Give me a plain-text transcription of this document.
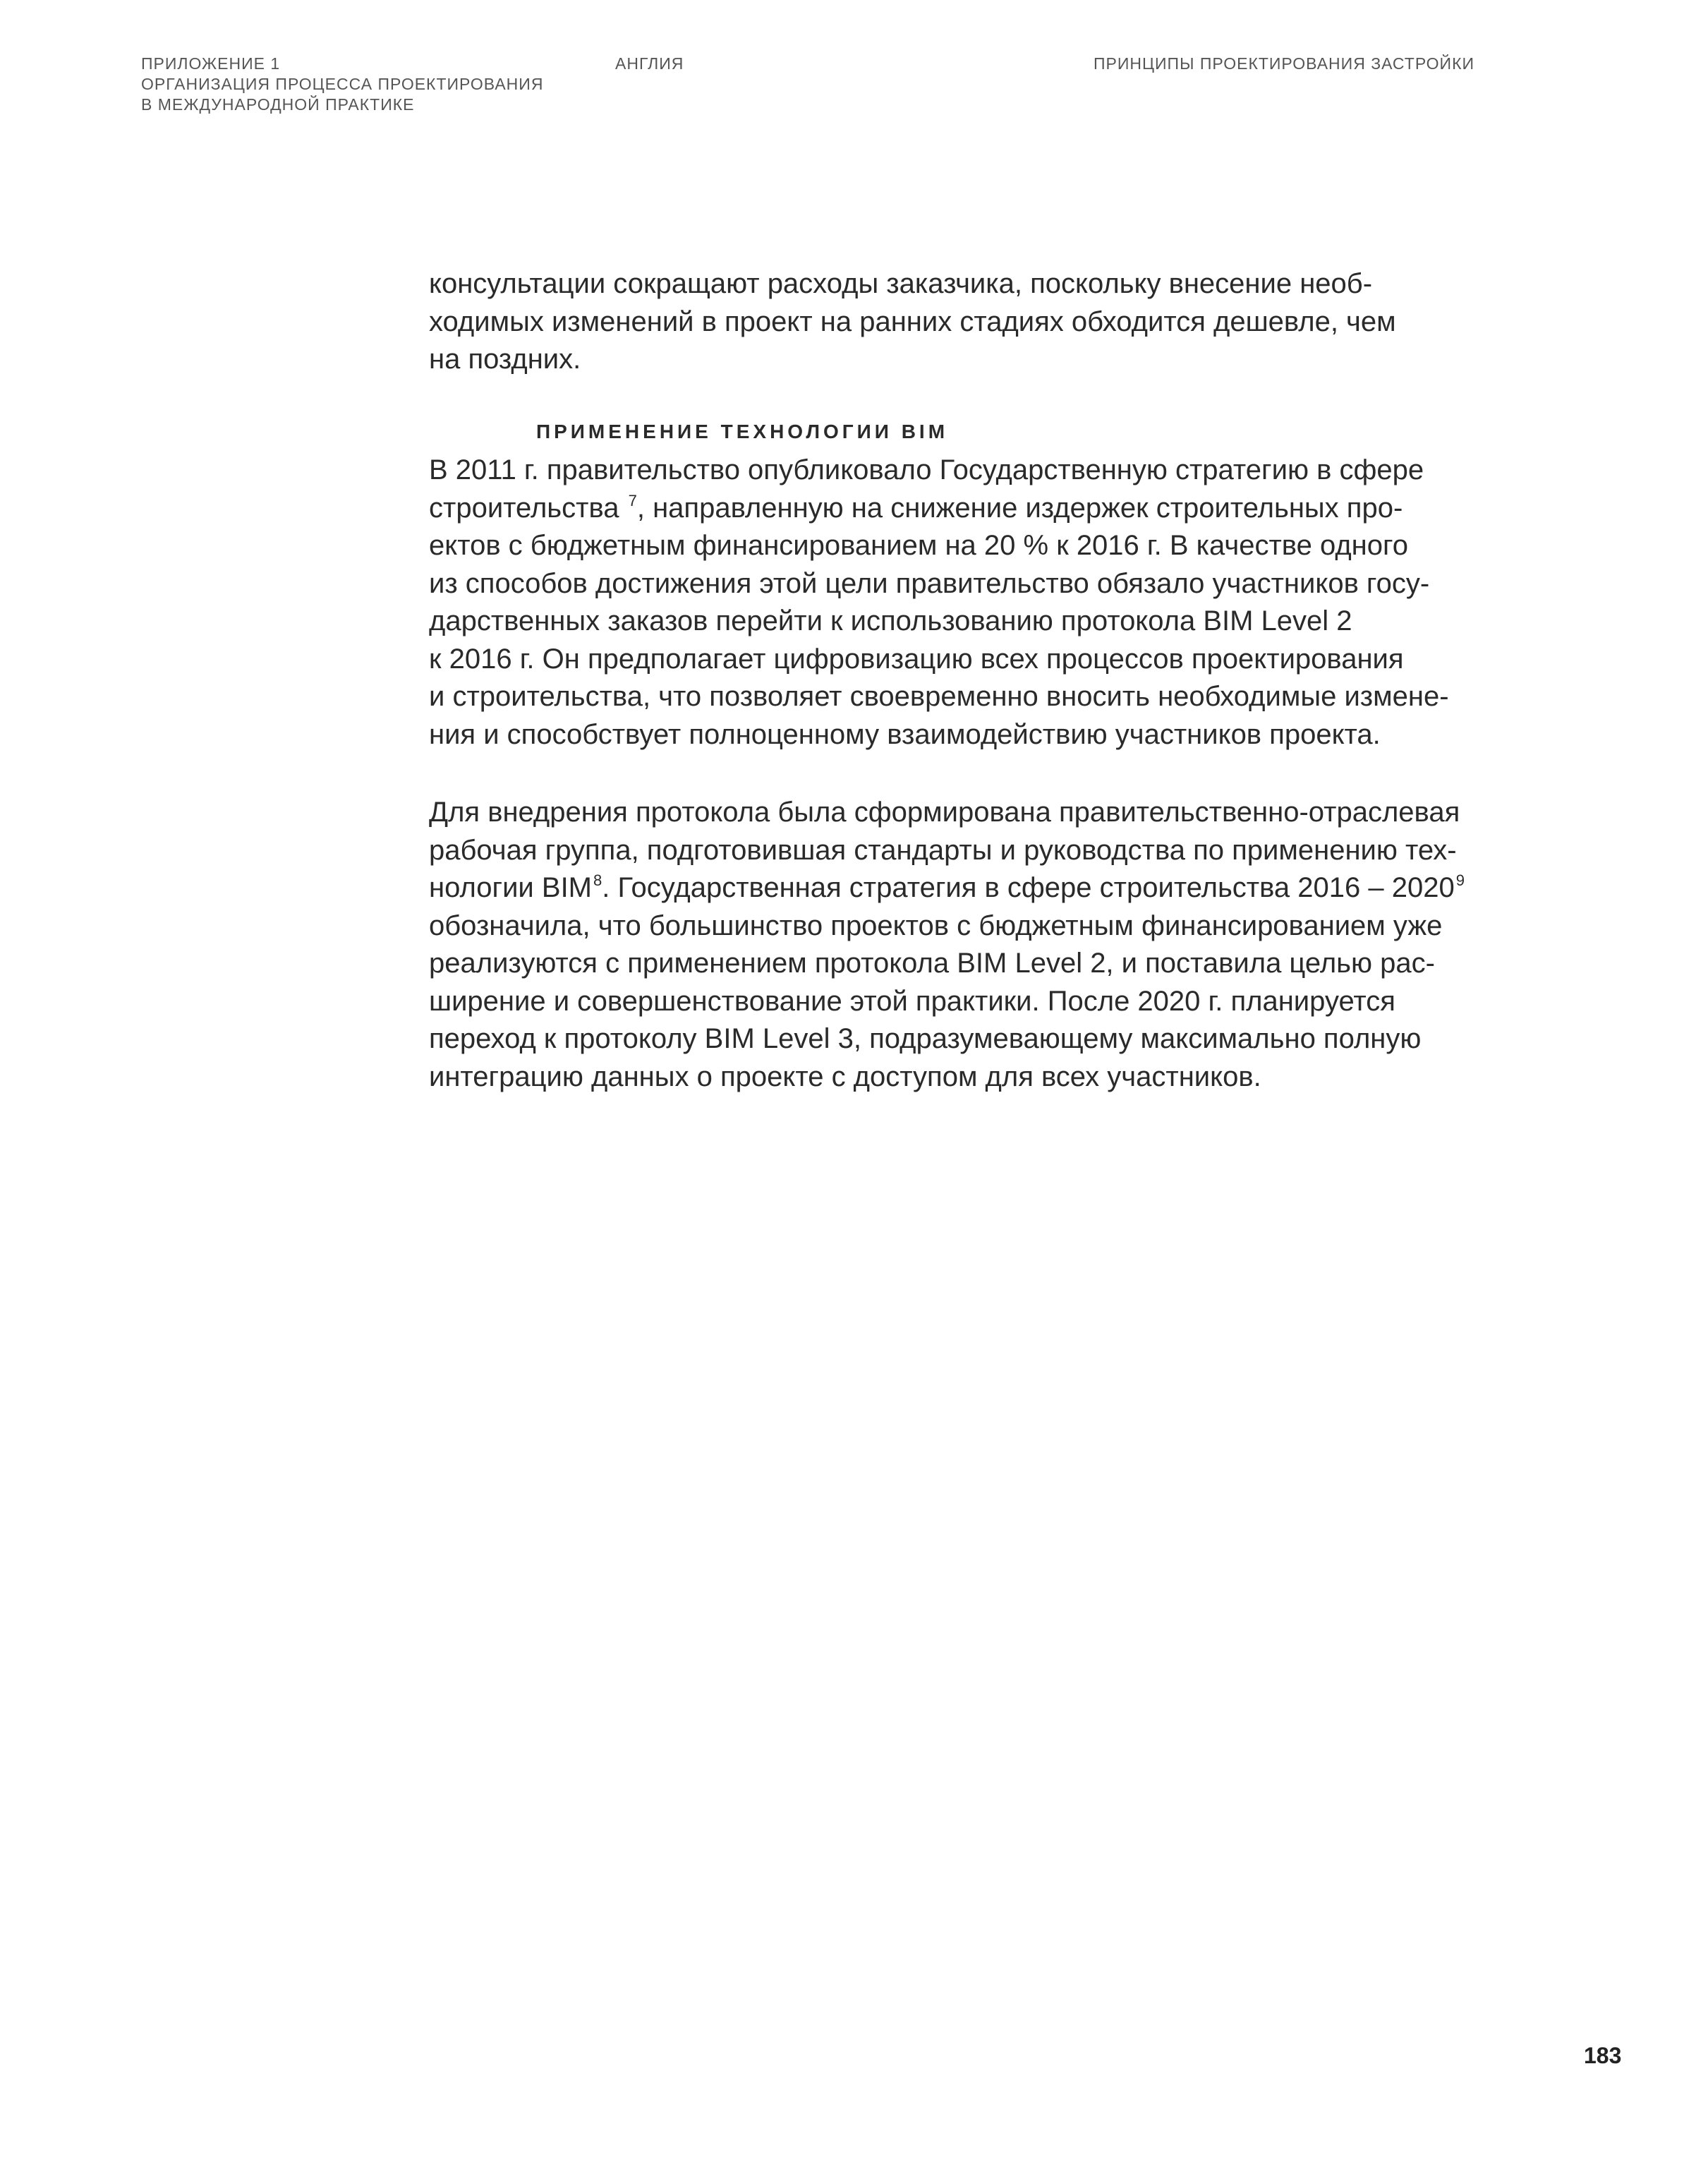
ПРИЛОЖЕНИЕ 1
ОРГАНИЗАЦИЯ ПРОЦЕССА ПРОЕКТИРОВАНИЯ
В МЕЖДУНАРОДНОЙ ПРАКТИКЕ
АНГЛИЯ	ПРИНЦИПЫ ПРОЕКТИРОВАНИЯ ЗАСТРОЙКИ
консультации сокращают расходы заказчика, поскольку внесение необ-
ходимых изменений в проект на ранних стадиях обходится дешевле, чем
на поздних.
ПРИМЕНЕНИЕ ТЕХНОЛОГИИ BIM
В 2011 г. правительство опубликовало Государственную стратегию в сфере
строительства $^7$, направленную на снижение издержек строительных про-
ектов с бюджетным финансированием на 20 % к 2016 г. В качестве одного
из способов достижения этой цели правительство обязало участников госу-
дарственных заказов перейти к использованию протокола BIM Level 2
к 2016 г. Он предполагает цифровизацию всех процессов проектирования
и строительства, что позволяет своевременно вносить необходимые измене-
ния и способствует полноценному взаимодействию участников проекта.
Для внедрения протокола была сформирована правительственно-отраслевая
рабочая группа, подготовившая стандарты и руководства по применению тех-
нологии BIM$^8$. Государственная стратегия в сфере строительства 2016 – 2020$^9$
обозначила, что большинство проектов с бюджетным финансированием уже
реализуются с применением протокола BIM Level 2, и поставила целью рас-
ширение и совершенствование этой практики. После 2020 г. планируется
переход к протоколу BIM Level 3, подразумевающему максимально полную
интеграцию данных о проекте с доступом для всех участников.
183
